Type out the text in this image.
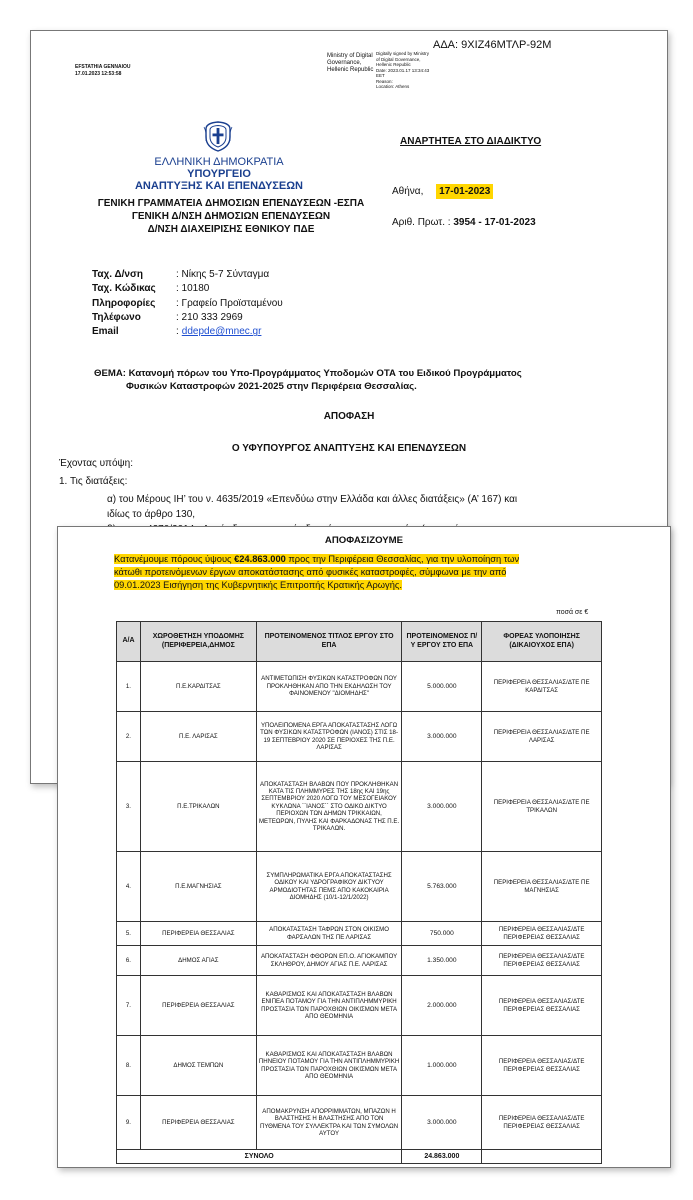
ΑΔΑ: 9ΧΙΖ46ΜΤΛΡ-92Μ
EFSTATHIA GENNAIOU
17.01.2023 12:53:58
Ministry of Digital
Governance,
Hellenic Republic
Digitally signed by Ministry
of Digital Governance,
Hellenic Republic
Date: 2023.01.17 13:34:43
EET
Reason:
Location: Athens
ΕΛΛΗΝΙΚΗ ΔΗΜΟΚΡΑΤΙΑ
ΥΠΟΥΡΓΕΙΟ
ΑΝΑΠΤΥΞΗΣ ΚΑΙ ΕΠΕΝΔΥΣΕΩΝ
ΓΕΝΙΚΗ ΓΡΑΜΜΑΤΕΙΑ ΔΗΜΟΣΙΩΝ ΕΠΕΝΔΥΣΕΩΝ -ΕΣΠΑ
ΓΕΝΙΚΗ Δ/ΝΣΗ ΔΗΜΟΣΙΩΝ ΕΠΕΝΔΥΣΕΩΝ
Δ/ΝΣΗ ΔΙΑΧΕΙΡΙΣΗΣ ΕΘΝΙΚΟΥ ΠΔΕ
ΑΝΑΡΤΗΤΕΑ ΣΤΟ ΔΙΑΔΙΚΤΥΟ
Αθήνα, 17-01-2023
Αριθ. Πρωτ. : 3954 - 17-01-2023
Ταχ. Δ/νση	: Νίκης 5-7 Σύνταγμα
Ταχ. Κώδικας	: 10180
Πληροφορίες	: Γραφείο Προϊσταμένου
Τηλέφωνο	: 210 333 2969
Email	: ddepde@mnec.gr
ΘΕΜΑ: Κατανομή πόρων του Υπο-Προγράμματος Υποδομών ΟΤΑ του Ειδικού Προγράμματος
Φυσικών Καταστροφών 2021-2025 στην Περιφέρεια Θεσσαλίας.
ΑΠΟΦΑΣΗ
Ο ΥΦΥΠΟΥΡΓΟΣ ΑΝΑΠΤΥΞΗΣ ΚΑΙ ΕΠΕΝΔΥΣΕΩΝ
Έχοντας υπόψη:
1. Τις διατάξεις:
α) του Μέρους ΙΗ’ του ν. 4635/2019 «Επενδύω στην Ελλάδα και άλλες διατάξεις» (Α’ 167) και
ιδίως το άρθρο 130,
ΑΠΟΦΑΣΙΖΟΥΜΕ
Κατανέμουμε πόρους ύψους €24.863.000 προς την Περιφέρεια Θεσσαλίας, για την υλοποίηση των
κάτωθι προτεινόμενων έργων αποκατάστασης από φυσικές καταστροφές, σύμφωνα με την από
09.01.2023 Εισήγηση της Κυβερνητικής Επιτροπής Κρατικής Αρωγής.
ποσά σε €
Α/Α	ΧΩΡΟΘΕΤΗΣΗ ΥΠΟΔΟΜΗΣ (ΠΕΡΙΦΕΡΕΙΑ,ΔΗΜΟΣ	ΠΡΟΤΕΙΝΟΜΕΝΟΣ ΤΙΤΛΟΣ ΕΡΓΟΥ ΣΤΟ ΕΠΑ	ΠΡΟΤΕΙΝΟΜΕΝΟΣ Π/Υ ΕΡΓΟΥ ΣΤΟ ΕΠΑ	ΦΟΡΕΑΣ ΥΛΟΠΟΙΗΣΗΣ (ΔΙΚΑΙΟΥΧΟΣ ΕΠΑ)
1.	Π.Ε.ΚΑΡΔΙΤΣΑΣ	ΑΝΤΙΜΕΤΩΠΙΣΗ ΦΥΣΙΚΩΝ ΚΑΤΑΣΤΡΟΦΩΝ ΠΟΥ ΠΡΟΚΛΗΘΗΚΑΝ ΑΠΟ ΤΗΝ ΕΚΔΗΛΩΣΗ ΤΟΥ ΦΑΙΝΟΜΕΝΟΥ "ΔΙΟΜΗΔΗΣ"	5.000.000	ΠΕΡΙΦΕΡΕΙΑ ΘΕΣΣΑΛΙΑΣ/ΔΤΕ ΠΕ ΚΑΡΔΙΤΣΑΣ
2.	Π.Ε. ΛΑΡΙΣΑΣ	ΥΠΟΛΕΙΠΟΜΕΝΑ ΕΡΓΑ ΑΠΟΚΑΤΑΣΤΑΣΗΣ ΛΟΓΩ ΤΩΝ ΦΥΣΙΚΩΝ ΚΑΤΑΣΤΡΟΦΩΝ (ΙΑΝΟΣ) ΣΤΙΣ 18-19 ΣΕΠΤΕΒΡΙΟΥ 2020 ΣΕ ΠΕΡΙΟΧΕΣ ΤΗΣ Π.Ε. ΛΑΡΙΣΑΣ	3.000.000	ΠΕΡΙΦΕΡΕΙΑ ΘΕΣΣΑΛΙΑΣ/ΔΤΕ ΠΕ ΛΑΡΙΣΑΣ
3.	Π.Ε.ΤΡΙΚΑΛΩΝ	ΑΠΟΚΑΤΑΣΤΑΣΗ ΒΛΑΒΩΝ ΠΟΥ ΠΡΟΚΛΗΘΗΚΑΝ ΚΑΤΑ ΤΙΣ ΠΛΗΜΜΥΡΕΣ ΤΗΣ 18ης ΚΑΙ 19ης ΣΕΠΤΕΜΒΡΙΟΥ 2020 ΛΟΓΩ ΤΟΥ ΜΕΣΟΓΕΙΑΚΟΥ ΚΥΚΛΩΝΑ ``ΙΑΝΟΣ´´ ΣΤΟ ΟΔΙΚΟ ΔΙΚΤΥΟ ΠΕΡΙΟΧΩΝ ΤΩΝ ΔΗΜΩΝ ΤΡΙΚΚΑΙΩΝ, ΜΕΤΕΩΡΩΝ, ΠΥΛΗΣ ΚΑΙ ΦΑΡΚΑΔΟΝΑΣ ΤΗΣ Π.Ε. ΤΡΙΚΑΛΩΝ.	3.000.000	ΠΕΡΙΦΕΡΕΙΑ ΘΕΣΣΑΛΙΑΣ/ΔΤΕ ΠΕ ΤΡΙΚΑΛΩΝ
4.	Π.Ε.ΜΑΓΝΗΣΙΑΣ	ΣΥΜΠΛΗΡΩΜΑΤΙΚΑ ΕΡΓΑ ΑΠΟΚΑΤΑΣΤΑΣΗΣ ΟΔΙΚΟΥ ΚΑΙ ΥΔΡΟΓΡΑΦΙΚΟΥ ΔΙΚΤΥΟΥ ΑΡΜΟΔΙΟΤΗΤΑΣ ΠΕΜΣ ΑΠΟ ΚΑΚΟΚΑΙΡΙΑ ΔΙΟΜΗΔΗΣ (10/1-12/1/2022)	5.763.000	ΠΕΡΙΦΕΡΕΙΑ ΘΕΣΣΑΛΙΑΣ/ΔΤΕ ΠΕ ΜΑΓΝΗΣΙΑΣ
5.	ΠΕΡΙΦΕΡΕΙΑ ΘΕΣΣΑΛΙΑΣ	ΑΠΟΚΑΤΑΣΤΑΣΗ ΤΑΦΡΩΝ ΣΤΟΝ ΟΙΚΙΣΜΟ ΦΑΡΣΑΛΩΝ ΤΗΣ ΠΕ ΛΑΡΙΣΑΣ	750.000	ΠΕΡΙΦΕΡΕΙΑ ΘΕΣΣΑΛΙΑΣ/ΔΤΕ ΠΕΡΙΦΕΡΕΙΑΣ ΘΕΣΣΑΛΙΑΣ
6.	ΔΗΜΟΣ ΑΓΙΑΣ	ΑΠΟΚΑΤΑΣΤΑΣΗ ΦΘΟΡΩΝ ΕΠ.Ο. ΑΓΙΟΚΑΜΠΟΥ ΣΚΛΗΘΡΟΥ, ΔΗΜΟΥ ΑΓΙΑΣ Π.Ε. ΛΑΡΙΣΑΣ	1.350.000	ΠΕΡΙΦΕΡΕΙΑ ΘΕΣΣΑΛΙΑΣ/ΔΤΕ ΠΕΡΙΦΕΡΕΙΑΣ ΘΕΣΣΑΛΙΑΣ
7.	ΠΕΡΙΦΕΡΕΙΑ ΘΕΣΣΑΛΙΑΣ	ΚΑΘΑΡΙΣΜΟΣ ΚΑΙ ΑΠΟΚΑΤΑΣΤΑΣΗ ΒΛΑΒΩΝ ΕΝΙΠΕΑ ΠΟΤΑΜΟΥ ΓΙΑ ΤΗΝ ΑΝΤΙΠΛΗΜΜΥΡΙΚΗ ΠΡΟΣΤΑΣΙΑ ΤΩΝ ΠΑΡΟΧΘΙΩΝ ΟΙΚΙΣΜΩΝ ΜΕΤΑ ΑΠΟ ΘΕΟΜΗΝΙΑ	2.000.000	ΠΕΡΙΦΕΡΕΙΑ ΘΕΣΣΑΛΙΑΣ/ΔΤΕ ΠΕΡΙΦΕΡΕΙΑΣ ΘΕΣΣΑΛΙΑΣ
8.	ΔΗΜΟΣ ΤΕΜΠΩΝ	ΚΑΘΑΡΙΣΜΟΣ ΚΑΙ ΑΠΟΚΑΤΑΣΤΑΣΗ ΒΛΑΒΩΝ ΠΗΝΕΙΟΥ ΠΟΤΑΜΟΥ ΓΙΑ ΤΗΝ ΑΝΤΙΠΛΗΜΜΥΡΙΚΗ ΠΡΟΣΤΑΣΙΑ ΤΩΝ ΠΑΡΟΧΘΙΩΝ ΟΙΚΙΣΜΩΝ ΜΕΤΑ ΑΠΟ ΘΕΟΜΗΝΙΑ	1.000.000	ΠΕΡΙΦΕΡΕΙΑ ΘΕΣΣΑΛΙΑΣ/ΔΤΕ ΠΕΡΙΦΕΡΕΙΑΣ ΘΕΣΣΑΛΙΑΣ
9.	ΠΕΡΙΦΕΡΕΙΑ ΘΕΣΣΑΛΙΑΣ	ΑΠΟΜΑΚΡΥΝΣΗ ΑΠΟΡΡΙΜΜΑΤΩΝ, ΜΠΑΖΩΝ Η ΒΛΑΣΤΗΣΗΣ Η ΒΛΑΣΤΗΣΗΣ ΑΠΟ ΤΟΝ ΠΥΘΜΕΝΑ ΤΟΥ ΣΥΛΛΕΚΤΡΑ ΚΑΙ ΤΩΝ ΣΥΜΟΛΩΝ ΑΥΤΟΥ	3.000.000	ΠΕΡΙΦΕΡΕΙΑ ΘΕΣΣΑΛΙΑΣ/ΔΤΕ ΠΕΡΙΦΕΡΕΙΑΣ ΘΕΣΣΑΛΙΑΣ
ΣΥΝΟΛΟ			24.863.000	
